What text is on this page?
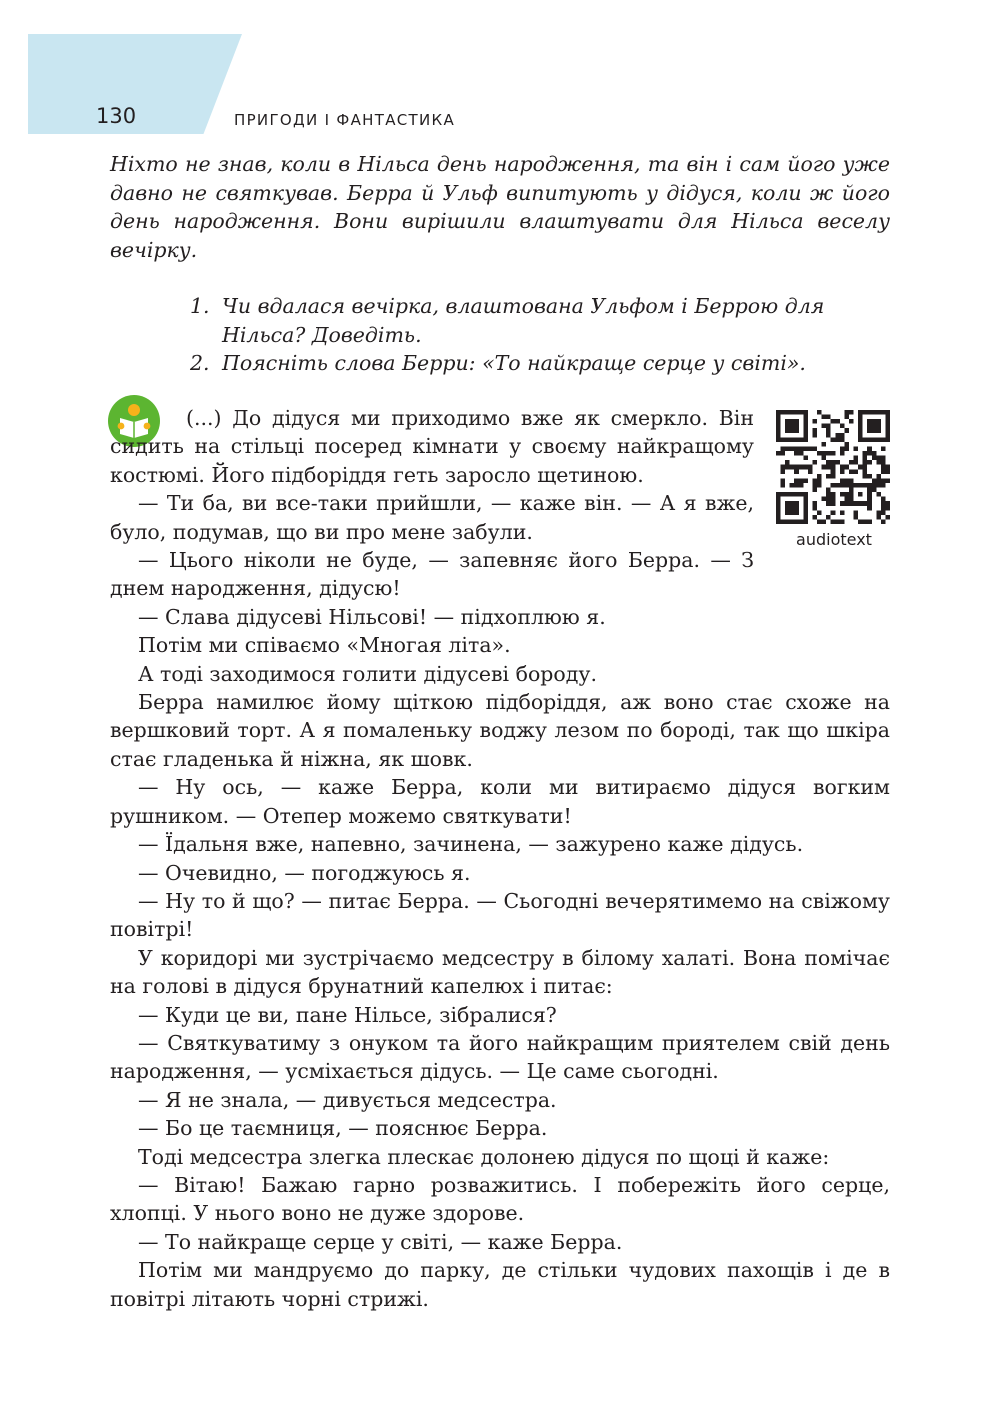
130	ПРИГОДИ І ФАНТАСТИКА

Ніхто не знав, коли в Нільса день народження, та він і сам його уже давно не святкував. Берра й Ульф випитують у дідуся, коли ж його день народження. Вони вирішили влаштувати для Нільса веселу вечірку.

1. Чи вдалася вечірка, влаштована Ульфом і Беррою для Нільса? Доведіть.
2. Поясніть слова Берри: «То найкраще серце у світі».
audiotext

(...) До дідуся ми приходимо вже як смеркло. Він сидить на стільці посеред кімнати у своєму найкращому костюмі. Його підборіддя геть заросло щетиною.

— Ти ба, ви все-таки прийшли, — каже він. — А я вже, було, подумав, що ви про мене забули.

— Цього ніколи не буде, — запевняє його Берра. — З днем народження, дідусю!

— Слава дідусеві Нільсові! — підхоплюю я.

Потім ми співаємо «Многая літа».

А тоді заходимося голити дідусеві бороду.

Берра намилює йому щіткою підборіддя, аж воно стає схоже на вершковий торт. А я помаленьку воджу лезом по бороді, так що шкіра стає гладенька й ніжна, як шовк.

— Ну ось, — каже Берра, коли ми витираємо дідуся вогким рушником. — Отепер можемо святкувати!

— Їдальня вже, напевно, зачинена, — зажурено каже дідусь.

— Очевидно, — погоджуюсь я.

— Ну то й що? — питає Берра. — Сьогодні вечерятимемо на свіжому повітрі!

У коридорі ми зустрічаємо медсестру в білому халаті. Вона помічає на голові в дідуся брунатний капелюх і питає:

— Куди це ви, пане Нільсе, зібралися?

— Святкуватиму з онуком та його найкращим приятелем свій день народження, — усміхається дідусь. — Це саме сьогодні.

— Я не знала, — дивується медсестра.

— Бо це таємниця, — пояснює Берра.

Тоді медсестра злегка плескає долонею дідуся по щоці й каже:

— Вітаю! Бажаю гарно розважитись. І побережіть його серце, хлопці. У нього воно не дуже здорове.

— То найкраще серце у світі, — каже Берра.

Потім ми мандруємо до парку, де стільки чудових пахощів і де в повітрі літають чорні стрижі.
